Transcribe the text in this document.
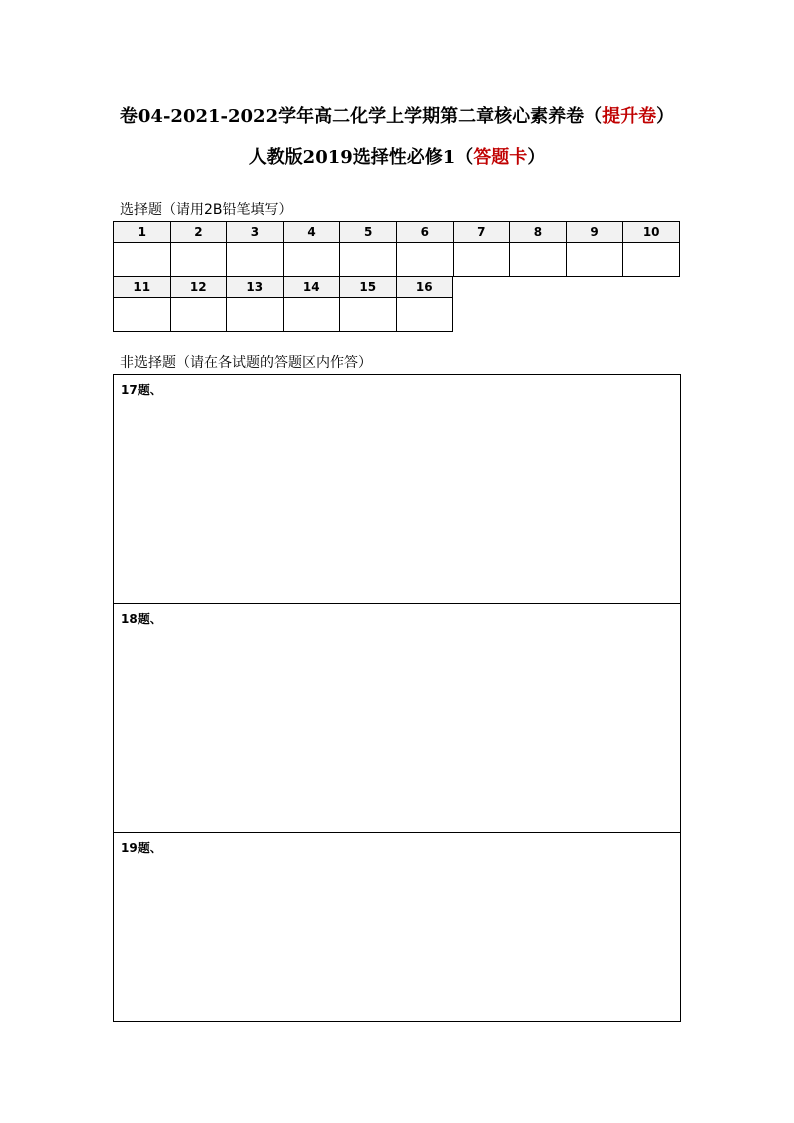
卷04-2021-2022学年高二化学上学期第二章核心素养卷（提升卷）
人教版2019选择性必修1（答题卡）
选择题（请用2B铅笔填写）
1	2	3	4	5	6	7	8	9	10

11	12	13	14	15	16

非选择题（请在各试题的答题区内作答）
17题、
18题、
19题、
